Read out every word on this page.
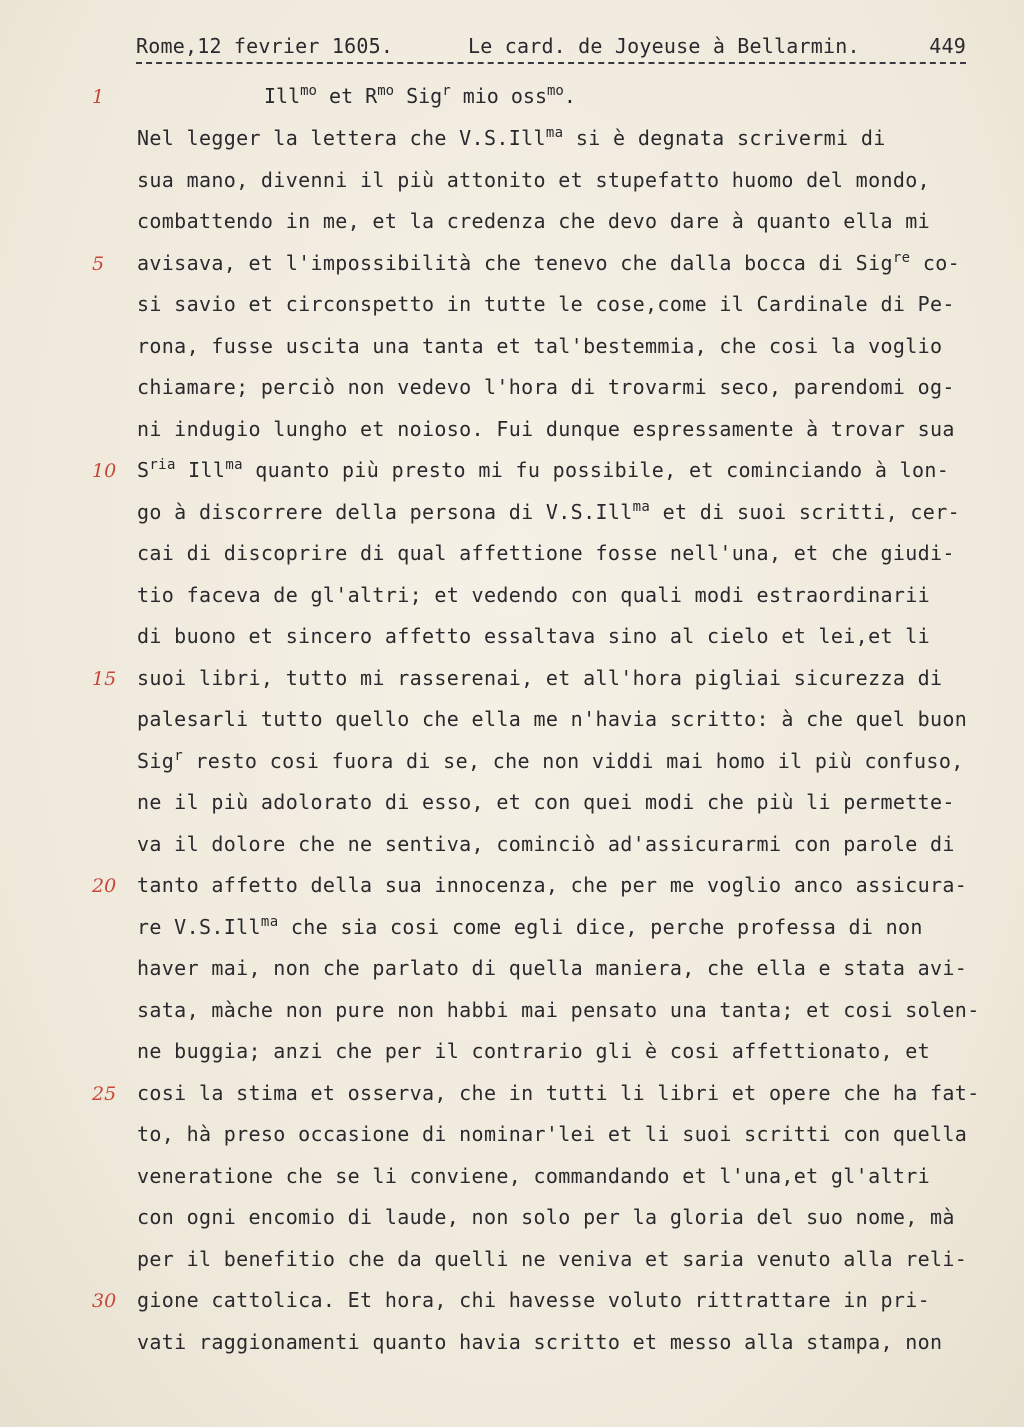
Rome,12 fevrier 1605.	Le card. de Joyeuse à Bellarmin.	449
Ill$^{mo}$ et $R^{mo}$ Sig$^r$ mio oss$^{mo}$.
1
5
10
15
20
25
30
Nel legger la lettera che V.S.Ill$^{ma}$ si è degnata scrivermi di
sua mano, divenni il più attonito et stupefatto huomo del mondo,
combattendo in me, et la credenza che devo dare à quanto ella mi
avisava, et l'impossibilità che tenevo che dalla bocca di Sig$^{re}$ co-
si savio et circonspetto in tutte le cose,come il Cardinale di Pe-
rona, fusse uscita una tanta et tal'bestemmia, che cosi la voglio
chiamare; perciò non vedevo l'hora di trovarmi seco, parendomi og-
ni indugio lungho et noioso. Fui dunque espressamente à trovar sua
$S^{ria}$ Ill$^{ma}$ quanto più presto mi fu possibile, et cominciando à lon-
go à discorrere della persona di V.S.Ill$^{ma}$ et di suoi scritti, cer-
cai di discoprire di qual affettione fosse nell'una, et che giudi-
tio faceva de gl'altri; et vedendo con quali modi estraordinarii
di buono et sincero affetto essaltava sino al cielo et lei,et li
suoi libri, tutto mi rasserenai, et all'hora pigliai sicurezza di
palesarli tutto quello che ella me n'havia scritto: à che quel buon
Sig$^r$ resto cosi fuora di se, che non viddi mai homo il più confuso,
ne il più adolorato di esso, et con quei modi che più li permette-
va il dolore che ne sentiva, cominciò ad'assicurarmi con parole di
tanto affetto della sua innocenza, che per me voglio anco assicura-
re V.S.Ill$^{ma}$ che sia cosi come egli dice, perche professa di non
haver mai, non che parlato di quella maniera, che ella e stata avi-
sata, màche non pure non habbi mai pensato una tanta; et cosi solen-
ne buggia; anzi che per il contrario gli è cosi affettionato, et
cosi la stima et osserva, che in tutti li libri et opere che ha fat-
to, hà preso occasione di nominar'lei et li suoi scritti con quella
veneratione che se li conviene, commandando et l'una,et gl'altri
con ogni encomio di laude, non solo per la gloria del suo nome, mà
per il benefitio che da quelli ne veniva et saria venuto alla reli-
gione cattolica. Et hora, chi havesse voluto rittrattare in pri-
vati raggionamenti quanto havia scritto et messo alla stampa, non
